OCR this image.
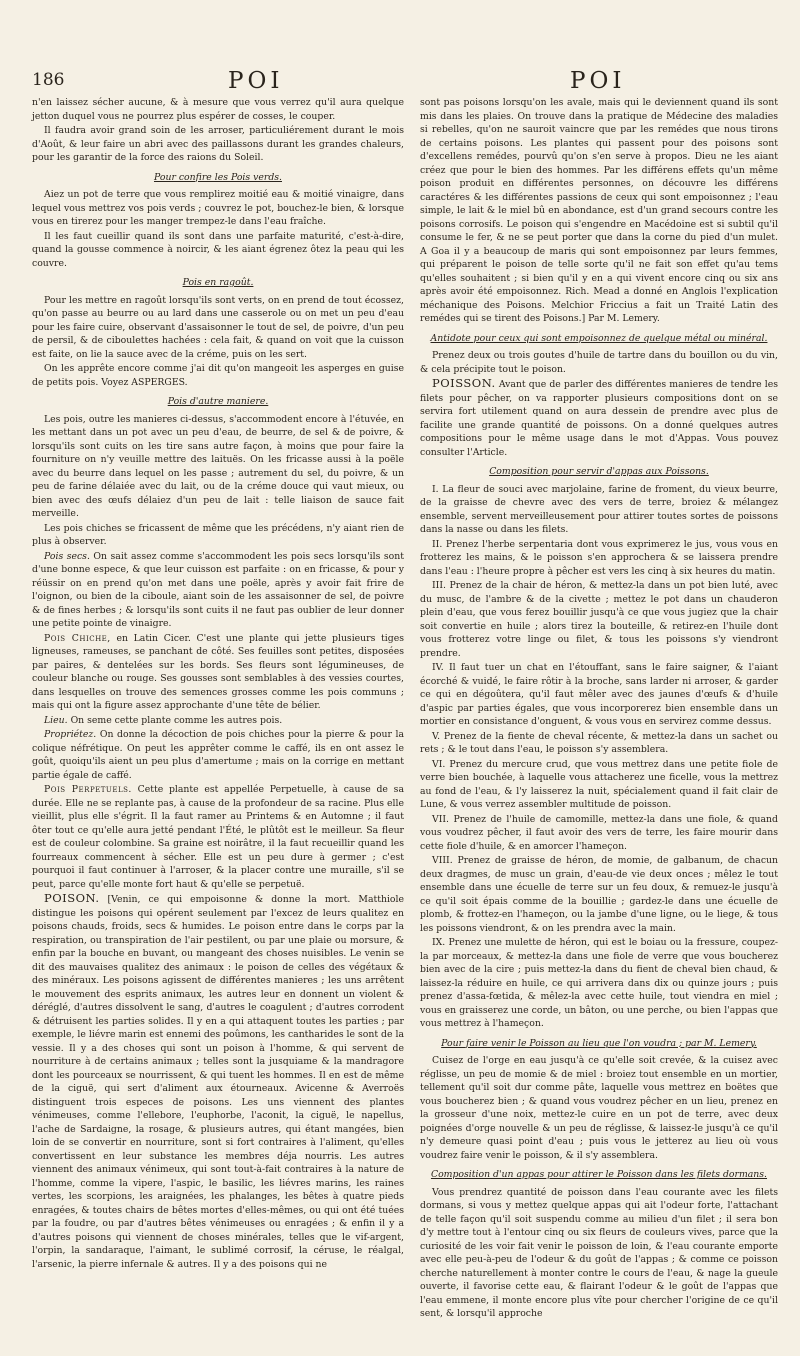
186	POI	POI

n'en laissez sécher aucune, & à mesure que vous verrez qu'il aura quelque jetton duquel vous ne pourrez plus espérer de cosses, le couper.

Il faudra avoir grand soin de les arroser, particuliérement durant le mois d'Août, & leur faire un abri avec des paillassons durant les grandes chaleurs, pour les garantir de la force des raions du Soleil.

Pour confire les Pois verds.

Aiez un pot de terre que vous remplirez moitié eau & moitié vinaigre, dans lequel vous mettrez vos pois verds ; couvrez le pot, bouchez-le bien, & lorsque vous en tirerez pour les manger trempez-le dans l'eau fraîche.

Il les faut cueillir quand ils sont dans une parfaite maturité, c'est-à-dire, quand la gousse commence à noircir, & les aiant égrenez ôtez la peau qui les couvre.

Pois en ragoût.

Pour les mettre en ragoût lorsqu'ils sont verts, on en prend de tout écossez, qu'on passe au beurre ou au lard dans une casserole ou on met un peu d'eau pour les faire cuire, observant d'assaisonner le tout de sel, de poivre, d'un peu de persil, & de ciboulettes hachées : cela fait, & quand on voit que la cuisson est faite, on lie la sauce avec de la créme, puis on les sert.

On les apprête encore comme j'ai dit qu'on mangeoit les asperges en guise de petits pois. Voyez ASPERGES.

Pois d'autre maniere.

Les pois, outre les manieres ci-dessus, s'accommodent encore à l'étuvée, en les mettant dans un pot avec un peu d'eau, de beurre, de sel & de poivre, & lorsqu'ils sont cuits on les tire sans autre façon, à moins que pour faire la fourniture on n'y veuille mettre des laituës. On les fricasse aussi à la poële avec du beurre dans lequel on les passe ; autrement du sel, du poivre, & un peu de farine délaiée avec du lait, ou de la créme douce qui vaut mieux, ou bien avec des œufs délaiez d'un peu de lait : telle liaison de sauce fait merveille.

Les pois chiches se fricassent de même que les précédens, n'y aiant rien de plus à observer.

Pois secs. On sait assez comme s'accommodent les pois secs lorsqu'ils sont d'une bonne espece, & que leur cuisson est parfaite : on en fricasse, & pour y réüssir on en prend qu'on met dans une poële, après y avoir fait frire de l'oignon, ou bien de la ciboule, aiant soin de les assaisonner de sel, de poivre & de fines herbes ; & lorsqu'ils sont cuits il ne faut pas oublier de leur donner une petite pointe de vinaigre.

Pois Chiche, en Latin Cicer. C'est une plante qui jette plusieurs tiges ligneuses, rameuses, se panchant de côté. Ses feuilles sont petites, disposées par paires, & dentelées sur les bords. Ses fleurs sont légumineuses, de couleur blanche ou rouge. Ses gousses sont semblables à des vessies courtes, dans lesquelles on trouve des semences grosses comme les pois communs ; mais qui ont la figure assez approchante d'une tête de bélier.

Lieu. On seme cette plante comme les autres pois.

Propriétez. On donne la décoction de pois chiches pour la pierre & pour la colique néfrétique. On peut les apprêter comme le caffé, ils en ont assez le goût, quoiqu'ils aient un peu plus d'amertume ; mais on la corrige en mettant partie égale de caffé.

Pois Perpetuels. Cette plante est appellée Perpetuelle, à cause de sa durée. Elle ne se replante pas, à cause de la profondeur de sa racine. Plus elle vieillit, plus elle s'égrit. Il la faut ramer au Printems & en Automne ; il faut ôter tout ce qu'elle aura jetté pendant l'Été, le plûtôt est le meilleur. Sa fleur est de couleur colombine. Sa graine est noirâtre, il la faut recueillir quand les fourreaux commencent à sécher. Elle est un peu dure à germer ; c'est pourquoi il faut continuer à l'arroser, & la placer contre une muraille, s'il se peut, parce qu'elle monte fort haut & qu'elle se perpetuë.

POISON. [Venin, ce qui empoisonne & donne la mort. Matthiole distingue les poisons qui opérent seulement par l'excez de leurs qualitez en poisons chauds, froids, secs & humides. Le poison entre dans le corps par la respiration, ou transpiration de l'air pestilent, ou par une plaie ou morsure, & enfin par la bouche en buvant, ou mangeant des choses nuisibles. Le venin se dit des mauvaises qualitez des animaux : le poison de celles des végétaux & des minéraux. Les poisons agissent de différentes manieres ; les uns arrêtent le mouvement des esprits animaux, les autres leur en donnent un violent & déréglé, d'autres dissolvent le sang, d'autres le coagulent ; d'autres corrodent & détruisent les parties solides. Il y en a qui attaquent toutes les parties ; par exemple, le liévre marin est ennemi des poûmons, les cantharides le sont de la vessie. Il y a des choses qui sont un poison à l'homme, & qui servent de nourriture à de certains animaux ; telles sont la jusquiame & la mandragore dont les pourceaux se nourrissent, & qui tuent les hommes. Il en est de même de la ciguë, qui sert d'aliment aux étourneaux. Avicenne & Averroës distinguent trois especes de poisons. Les uns viennent des plantes vénimeuses, comme l'ellebore, l'euphorbe, l'aconit, la ciguë, le napellus, l'ache de Sardaigne, la rosage, & plusieurs autres, qui étant mangées, bien loin de se convertir en nourriture, sont si fort contraires à l'aliment, qu'elles convertissent en leur substance les membres déja nourris. Les autres viennent des animaux vénimeux, qui sont tout-à-fait contraires à la nature de l'homme, comme la vipere, l'aspic, le basilic, les liévres marins, les raines vertes, les scorpions, les araignées, les phalanges, les bêtes à quatre pieds enragées, & toutes chairs de bêtes mortes d'elles-mêmes, ou qui ont été tuées par la foudre, ou par d'autres bêtes vénimeuses ou enragées ; & enfin il y a d'autres poisons qui viennent de choses minérales, telles que le vif-argent, l'orpin, la sandaraque, l'aimant, le sublimé corrosif, la céruse, le réalgal, l'arsenic, la pierre infernale & autres. Il y a des poisons qui ne

sont pas poisons lorsqu'on les avale, mais qui le deviennent quand ils sont mis dans les plaies. On trouve dans la pratique de Médecine des maladies si rebelles, qu'on ne sauroit vaincre que par les remédes que nous tirons de certains poisons. Les plantes qui passent pour des poisons sont d'excellens remédes, pourvû qu'on s'en serve à propos. Dieu ne les aiant créez que pour le bien des hommes. Par les différens effets qu'un même poison produit en différentes personnes, on découvre les différens caractéres & les différentes passions de ceux qui sont empoisonnez ; l'eau simple, le lait & le miel bû en abondance, est d'un grand secours contre les poisons corrosifs. Le poison qui s'engendre en Macédoine est si subtil qu'il consume le fer, & ne se peut porter que dans la corne du pied d'un mulet. A Goa il y a beaucoup de maris qui sont empoisonnez par leurs femmes, qui préparent le poison de telle sorte qu'il ne fait son effet qu'au tems qu'elles souhaitent ; si bien qu'il y en a qui vivent encore cinq ou six ans après avoir été empoisonnez. Rich. Mead a donné en Anglois l'explication méchanique des Poisons. Melchior Friccius a fait un Traité Latin des remédes qui se tirent des Poisons.] Par M. Lemery.

Antidote pour ceux qui sont empoisonnez de quelque métal ou minéral.

Prenez deux ou trois goutes d'huile de tartre dans du bouillon ou du vin, & cela précipite tout le poison.

POISSON. Avant que de parler des différentes manieres de tendre les filets pour pêcher, on va rapporter plusieurs compositions dont on se servira fort utilement quand on aura dessein de prendre avec plus de facilite une grande quantité de poissons. On a donné quelques autres compositions pour le même usage dans le mot d'Appas. Vous pouvez consulter l'Article.

Composition pour servir d'appas aux Poissons.

I. La fleur de souci avec marjolaine, farine de froment, du vieux beurre, de la graisse de chevre avec des vers de terre, broiez & mélangez ensemble, servent merveilleusement pour attirer toutes sortes de poissons dans la nasse ou dans les filets.

II. Prenez l'herbe serpentaria dont vous exprimerez le jus, vous vous en frotterez les mains, & le poisson s'en approchera & se laissera prendre dans l'eau : l'heure propre à pêcher est vers les cinq à six heures du matin.

III. Prenez de la chair de héron, & mettez-la dans un pot bien luté, avec du musc, de l'ambre & de la civette ; mettez le pot dans un chauderon plein d'eau, que vous ferez bouillir jusqu'à ce que vous jugiez que la chair soit convertie en huile ; alors tirez la bouteille, & retirez-en l'huile dont vous frotterez votre linge ou filet, & tous les poissons s'y viendront prendre.

IV. Il faut tuer un chat en l'étouffant, sans le faire saigner, & l'aiant écorché & vuidé, le faire rôtir à la broche, sans larder ni arroser, & garder ce qui en dégoûtera, qu'il faut mêler avec des jaunes d'œufs & d'huile d'aspic par parties égales, que vous incorporerez bien ensemble dans un mortier en consistance d'onguent, & vous vous en servirez comme dessus.

V. Prenez de la fiente de cheval récente, & mettez-la dans un sachet ou rets ; & le tout dans l'eau, le poisson s'y assemblera.

VI. Prenez du mercure crud, que vous mettrez dans une petite fiole de verre bien bouchée, à laquelle vous attacherez une ficelle, vous la mettrez au fond de l'eau, & l'y laisserez la nuit, spécialement quand il fait clair de Lune, & vous verrez assembler multitude de poisson.

VII. Prenez de l'huile de camomille, mettez-la dans une fiole, & quand vous voudrez pêcher, il faut avoir des vers de terre, les faire mourir dans cette fiole d'huile, & en amorcer l'hameçon.

VIII. Prenez de graisse de héron, de momie, de galbanum, de chacun deux dragmes, de musc un grain, d'eau-de vie deux onces ; mêlez le tout ensemble dans une écuelle de terre sur un feu doux, & remuez-le jusqu'à ce qu'il soit épais comme de la bouillie ; gardez-le dans une écuelle de plomb, & frottez-en l'hameçon, ou la jambe d'une ligne, ou le liege, & tous les poissons viendront, & on les prendra avec la main.

IX. Prenez une mulette de héron, qui est le boiau ou la fressure, coupez-la par morceaux, & mettez-la dans une fiole de verre que vous boucherez bien avec de la cire ; puis mettez-la dans du fient de cheval bien chaud, & laissez-la réduire en huile, ce qui arrivera dans dix ou quinze jours ; puis prenez d'assa-fœtida, & mêlez-la avec cette huile, tout viendra en miel ; vous en graisserez une corde, un bâton, ou une perche, ou bien l'appas que vous mettrez à l'hameçon.

Pour faire venir le Poisson au lieu que l'on voudra ; par M. Lemery.

Cuisez de l'orge en eau jusqu'à ce qu'elle soit crevée, & la cuisez avec réglisse, un peu de momie & de miel : broiez tout ensemble en un mortier, tellement qu'il soit dur comme pâte, laquelle vous mettrez en boëtes que vous boucherez bien ; & quand vous voudrez pêcher en un lieu, prenez en la grosseur d'une noix, mettez-le cuire en un pot de terre, avec deux poignées d'orge nouvelle & un peu de réglisse, & laissez-le jusqu'à ce qu'il n'y demeure quasi point d'eau ; puis vous le jetterez au lieu où vous voudrez faire venir le poisson, & il s'y assemblera.

Composition d'un appas pour attirer le Poisson dans les filets dormans.

Vous prendrez quantité de poisson dans l'eau courante avec les filets dormans, si vous y mettez quelque appas qui ait l'odeur forte, l'attachant de telle façon qu'il soit suspendu comme au milieu d'un filet ; il sera bon d'y mettre tout à l'entour cinq ou six fleurs de couleurs vives, parce que la curiosité de les voir fait venir le poisson de loin, & l'eau courante emporte avec elle peu-à-peu de l'odeur & du goût de l'appas ; & comme ce poisson cherche naturellement à monter contre le cours de l'eau, & nage la gueule ouverte, il favorise cette eau, & flairant l'odeur & le goût de l'appas que l'eau emmene, il monte encore plus vîte pour chercher l'origine de ce qu'il sent, & lorsqu'il approche
